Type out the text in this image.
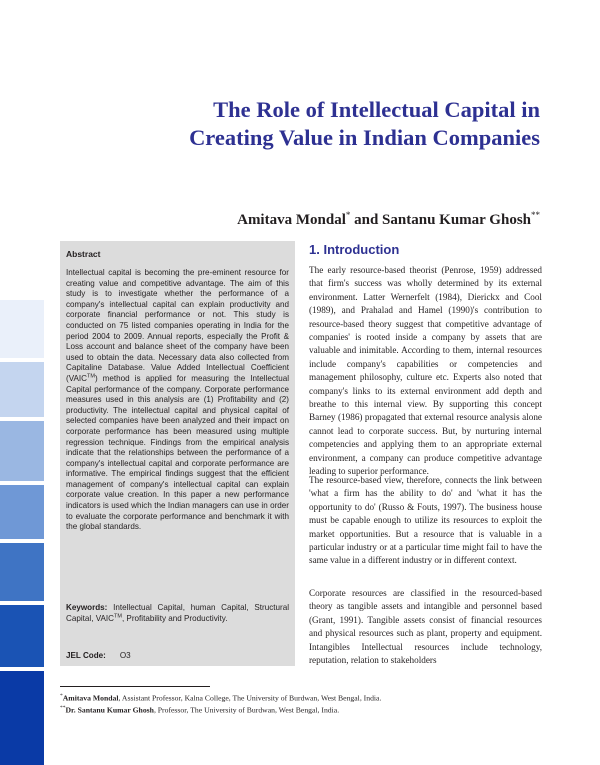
The Role of Intellectual Capital in
Creating Value in Indian Companies
Amitava Mondal* and Santanu Kumar Ghosh**
Abstract

Intellectual capital is becoming the pre-eminent resource for creating value and competitive advantage. The aim of this study is to investigate whether the performance of a company's intellectual capital can explain productivity and corporate financial performance or not. This study is conducted on 75 listed companies operating in India for the period 2004 to 2009. Annual reports, especially the Profit & Loss account and balance sheet of the company have been used to obtain the data. Necessary data also collected from Capitaline Database. Value Added Intellectual Coefficient (VAIC™) method is applied for measuring the Intellectual Capital performance of the company. Corporate performance measures used in this analysis are (1) Profitability and (2) productivity. The intellectual capital and physical capital of selected companies have been analyzed and their impact on corporate performance has been measured using multiple regression technique. Findings from the empirical analysis indicate that the relationships between the performance of a company's intellectual capital and corporate performance are informative. The empirical findings suggest that the efficient management of company's intellectual capital can explain corporate value creation. In this paper a new performance indicators is used which the Indian managers can use in order to evaluate the corporate performance and benchmark it with the global standards.

Keywords: Intellectual Capital, human Capital, Structural Capital, VAIC™, Profitability and Productivity.

JEL Code: O3
1. Introduction

The early resource-based theorist (Penrose, 1959) addressed that firm's success was wholly determined by its external environment. Latter Wernerfelt (1984), Dierickx and Cool (1989), and Prahalad and Hamel (1990)'s contribution to resource-based theory suggest that competitive advantage of companies' is rooted inside a company by assets that are valuable and inimitable. According to them, internal resources include company's capabilities or competencies and management philosophy, culture etc. Experts also noted that company's links to its external environment add depth and breathe to this internal view. By supporting this concept Barney (1986) propagated that external resource analysis alone cannot lead to corporate success. But, by nurturing internal competencies and applying them to an appropriate external environment, a company can produce competitive advantage leading to superior performance.

The resource-based view, therefore, connects the link between 'what a firm has the ability to do' and 'what it has the opportunity to do' (Russo & Fouts, 1997). The business house must be capable enough to utilize its resources to exploit the market opportunities. But a resource that is valuable in a particular industry or at a particular time might fail to have the same value in a different industry or in different context.

Corporate resources are classified in the resourced-based theory as tangible assets and intangible and personnel based (Grant, 1991). Tangible assets consist of financial resources and physical resources such as plant, property and equipment. Intangibles Intellectual resources include technology, reputation, relation to stakeholders

*Amitava Mondal, Assistant Professor, Kalna College, The University of Burdwan, West Bengal, India.
**Dr. Santanu Kumar Ghosh, Professor, The University of Burdwan, West Bengal, India.
